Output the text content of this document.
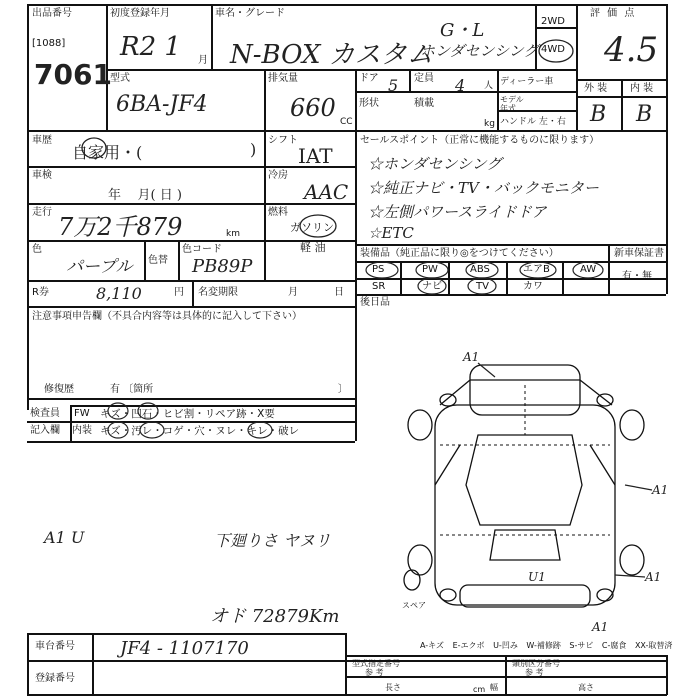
出品番号
[1088]
7061
初度登録年月
R2 1 月
車名・グレード
N-BOX カスタム
G・L
ホンダセンシング
2WD
4WD
評 価 点
4.5
型式
6BA-JF4
排気量
660 CC
ドア 5 定員 4 人
形状	積載
kg
ディーラー車
モデル年式
ハンドル 左・右
外 装 内 装
B B
車歴
自家用・(	) シフト
IAT
車検
年    月( 日 )
冷房
AAC
走行
7万2千879	km
燃料
ガソリン
軽 油
色
パープル 色替
色コード
PB89P
R券	8,110	円 名変期限	月	日
注意事項申告欄（不具合内容等は具体的に記入して下さい）
修復歴	有 〔箇所	〕
検査員
記入欄
FW キズ・凹石・ヒビ割・リペア跡・X要
内装 キズ・汚レ・コゲ・穴・ヌレ・キレ・破レ
A1 U	下廻りさ ヤヌリ
オド 72879Km
セールスポイント（正常に機能するものに限ります）
☆ホンダセンシング
☆純正ナビ・TV・バックモニター
☆左側パワースライドドア
☆ETC
装備品（純正品に限り◎をつけてください）	新車保証書
有・無
PS	PW	ABS	エアB	AW
SR	ナビ	TV	カワ
後日品
A1
A1
A1
A1
U1
スペア
A-キズ E-エクボ U-凹み W-補修跡 S-サビ C-腐食 XX-取替済
車台番号	JF4 - 1107170
登録番号
型式指定番号
参 考
類別区分番号
参 考
長さ	幅	高さ
cm
